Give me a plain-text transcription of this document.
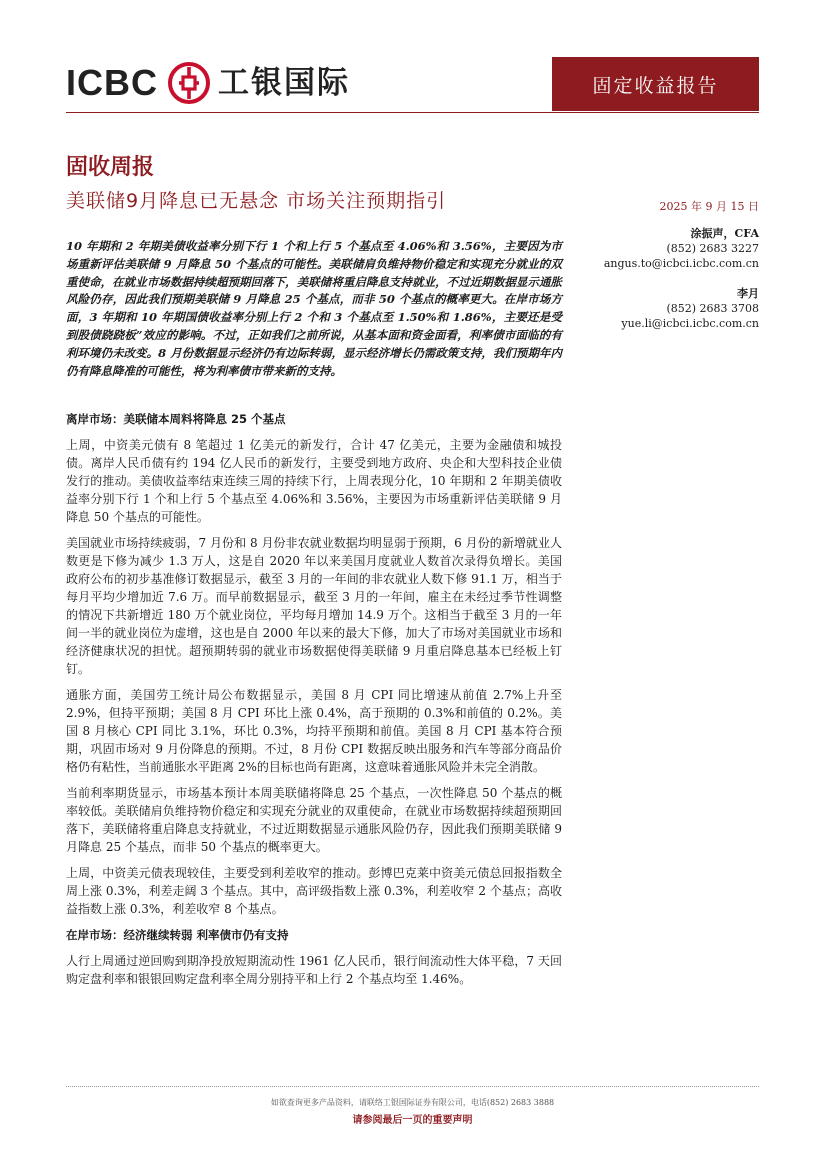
ICBC 工银国际	固定收益报告
固收周报
美联储9月降息已无悬念 市场关注预期指引	2025 年 9 月 15 日
涂振声，CFA
(852) 2683 3227
angus.to@icbci.icbc.com.cn
李月
(852) 2683 3708
yue.li@icbci.icbc.com.cn
10 年期和 2 年期美债收益率分别下行 1 个和上行 5 个基点至 4.06%和 3.56%，主要因为市场重新评估美联储 9 月降息 50 个基点的可能性。美联储肩负维持物价稳定和实现充分就业的双重使命，在就业市场数据持续超预期回落下，美联储将重启降息支持就业，不过近期数据显示通胀风险仍存，因此我们预期美联储 9 月降息 25 个基点，而非 50 个基点的概率更大。在岸市场方面，3 年期和 10 年期国债收益率分别上行 2 个和 3 个基点至 1.50%和 1.86%，主要还是受到股债跷跷板”效应的影响。不过，正如我们之前所说，从基本面和资金面看，利率债市面临的有利环境仍未改变。8 月份数据显示经济仍有边际转弱，显示经济增长仍需政策支持，我们预期年内仍有降息降准的可能性，将为利率债市带来新的支持。
离岸市场：美联储本周料将降息 25 个基点

上周，中资美元债有 8 笔超过 1 亿美元的新发行，合计 47 亿美元，主要为金融债和城投债。离岸人民币债有约 194 亿人民币的新发行，主要受到地方政府、央企和大型科技企业债发行的推动。美债收益率结束连续三周的持续下行，上周表现分化，10 年期和 2 年期美债收益率分别下行 1 个和上行 5 个基点至 4.06%和 3.56%，主要因为市场重新评估美联储 9 月降息 50 个基点的可能性。

美国就业市场持续疲弱，7 月份和 8 月份非农就业数据均明显弱于预期，6 月份的新增就业人数更是下修为减少 1.3 万人，这是自 2020 年以来美国月度就业人数首次录得负增长。美国政府公布的初步基准修订数据显示，截至 3 月的一年间的非农就业人数下修 91.1 万，相当于每月平均少增加近 7.6 万。而早前数据显示，截至 3 月的一年间，雇主在未经过季节性调整的情况下共新增近 180 万个就业岗位，平均每月增加 14.9 万个。这相当于截至 3 月的一年间一半的就业岗位为虚增，这也是自 2000 年以来的最大下修，加大了市场对美国就业市场和经济健康状况的担忧。超预期转弱的就业市场数据使得美联储 9 月重启降息基本已经板上钉钉。

通胀方面，美国劳工统计局公布数据显示，美国 8 月 CPI 同比增速从前值 2.7%上升至 2.9%，但持平预期；美国 8 月 CPI 环比上涨 0.4%，高于预期的 0.3%和前值的 0.2%。美国 8 月核心 CPI 同比 3.1%，环比 0.3%，均持平预期和前值。美国 8 月 CPI 基本符合预期，巩固市场对 9 月份降息的预期。不过，8 月份 CPI 数据反映出服务和汽车等部分商品价格仍有粘性，当前通胀水平距离 2%的目标也尚有距离，这意味着通胀风险并未完全消散。

当前利率期货显示，市场基本预计本周美联储将降息 25 个基点，一次性降息 50 个基点的概率较低。美联储肩负维持物价稳定和实现充分就业的双重使命，在就业市场数据持续超预期回落下，美联储将重启降息支持就业，不过近期数据显示通胀风险仍存，因此我们预期美联储 9 月降息 25 个基点，而非 50 个基点的概率更大。

上周，中资美元债表现较佳，主要受到利差收窄的推动。彭博巴克莱中资美元债总回报指数全周上涨 0.3%，利差走阔 3 个基点。其中，高评级指数上涨 0.3%，利差收窄 2 个基点；高收益指数上涨 0.3%，利差收窄 8 个基点。

在岸市场：经济继续转弱 利率债市仍有支持

人行上周通过逆回购到期净投放短期流动性 1961 亿人民币，银行间流动性大体平稳，7 天回购定盘利率和银银回购定盘利率全周分别持平和上行 2 个基点均至 1.46%。

如欲查询更多产品资料，请联络工银国际证券有限公司，电话(852) 2683 3888
请参阅最后一页的重要声明
